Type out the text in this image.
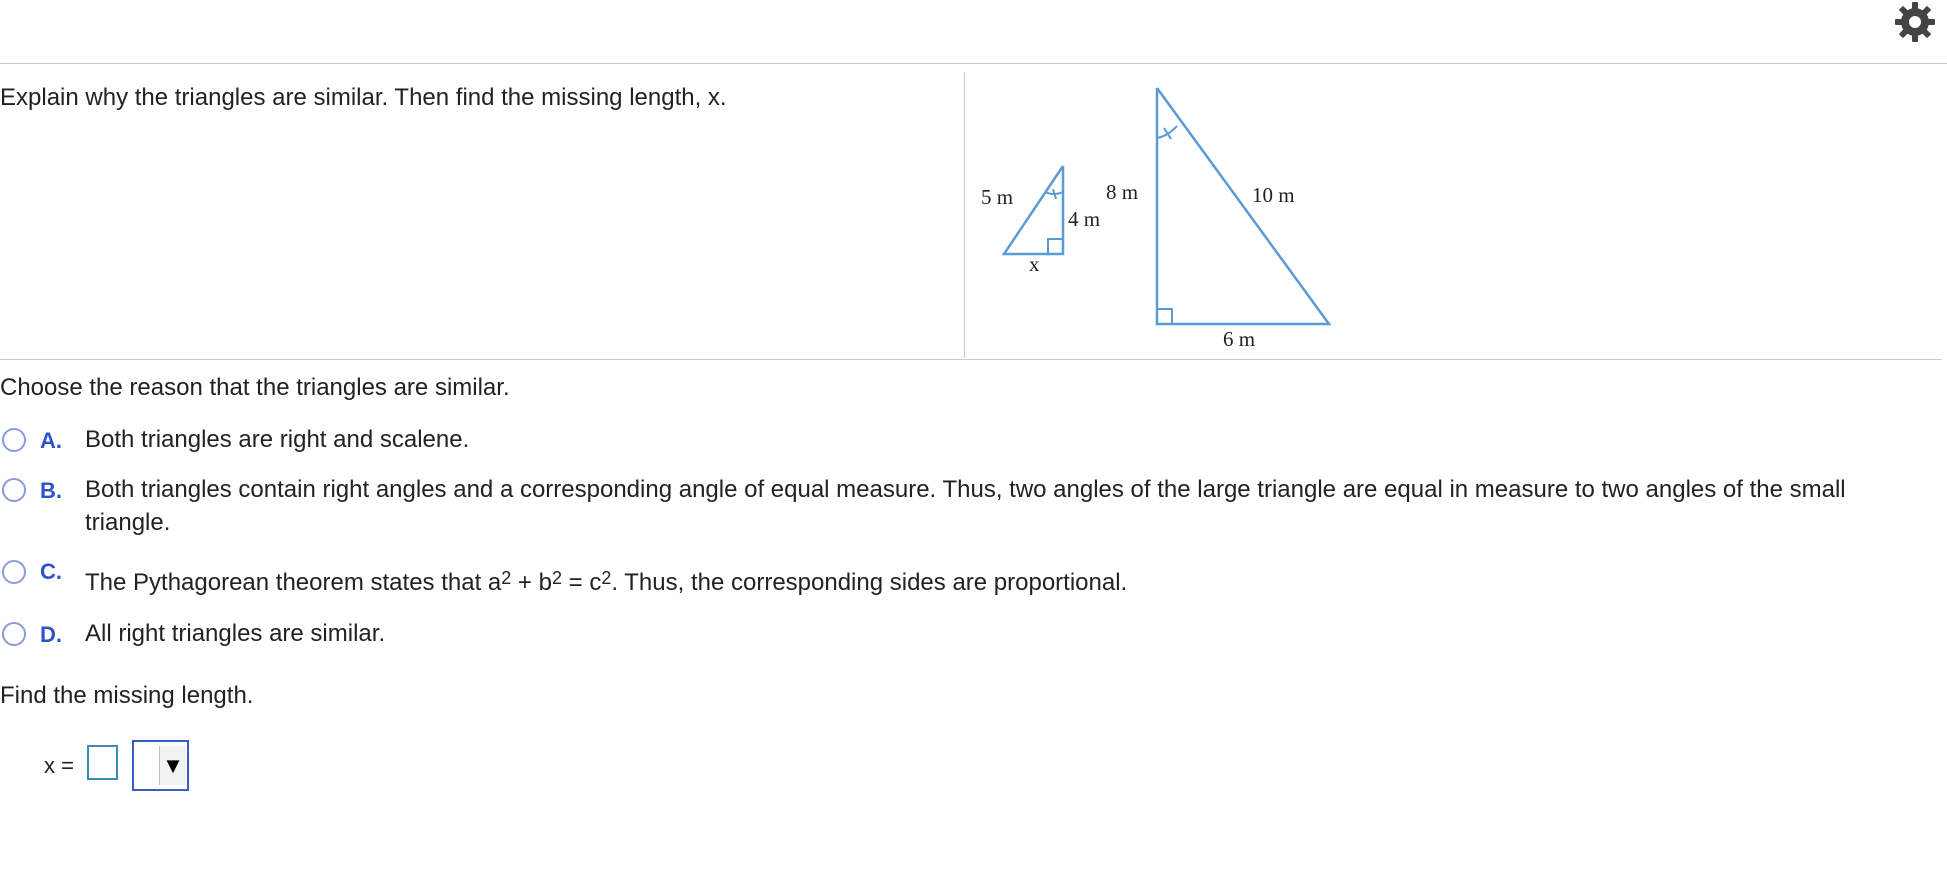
Explain why the triangles are similar. Then find the missing length, x.
5 m
4 m
x
8 m	10 m
6 m
Choose the reason that the triangles are similar.
A. Both triangles are right and scalene.
B. Both triangles contain right angles and a corresponding angle of equal measure. Thus, two angles of the large triangle are equal in measure to two angles of the small triangle.
C. The Pythagorean theorem states that $a^2 + b^2 = c^2$. Thus, the corresponding sides are proportional.
D. All right triangles are similar.
Find the missing length.
x =	▼
